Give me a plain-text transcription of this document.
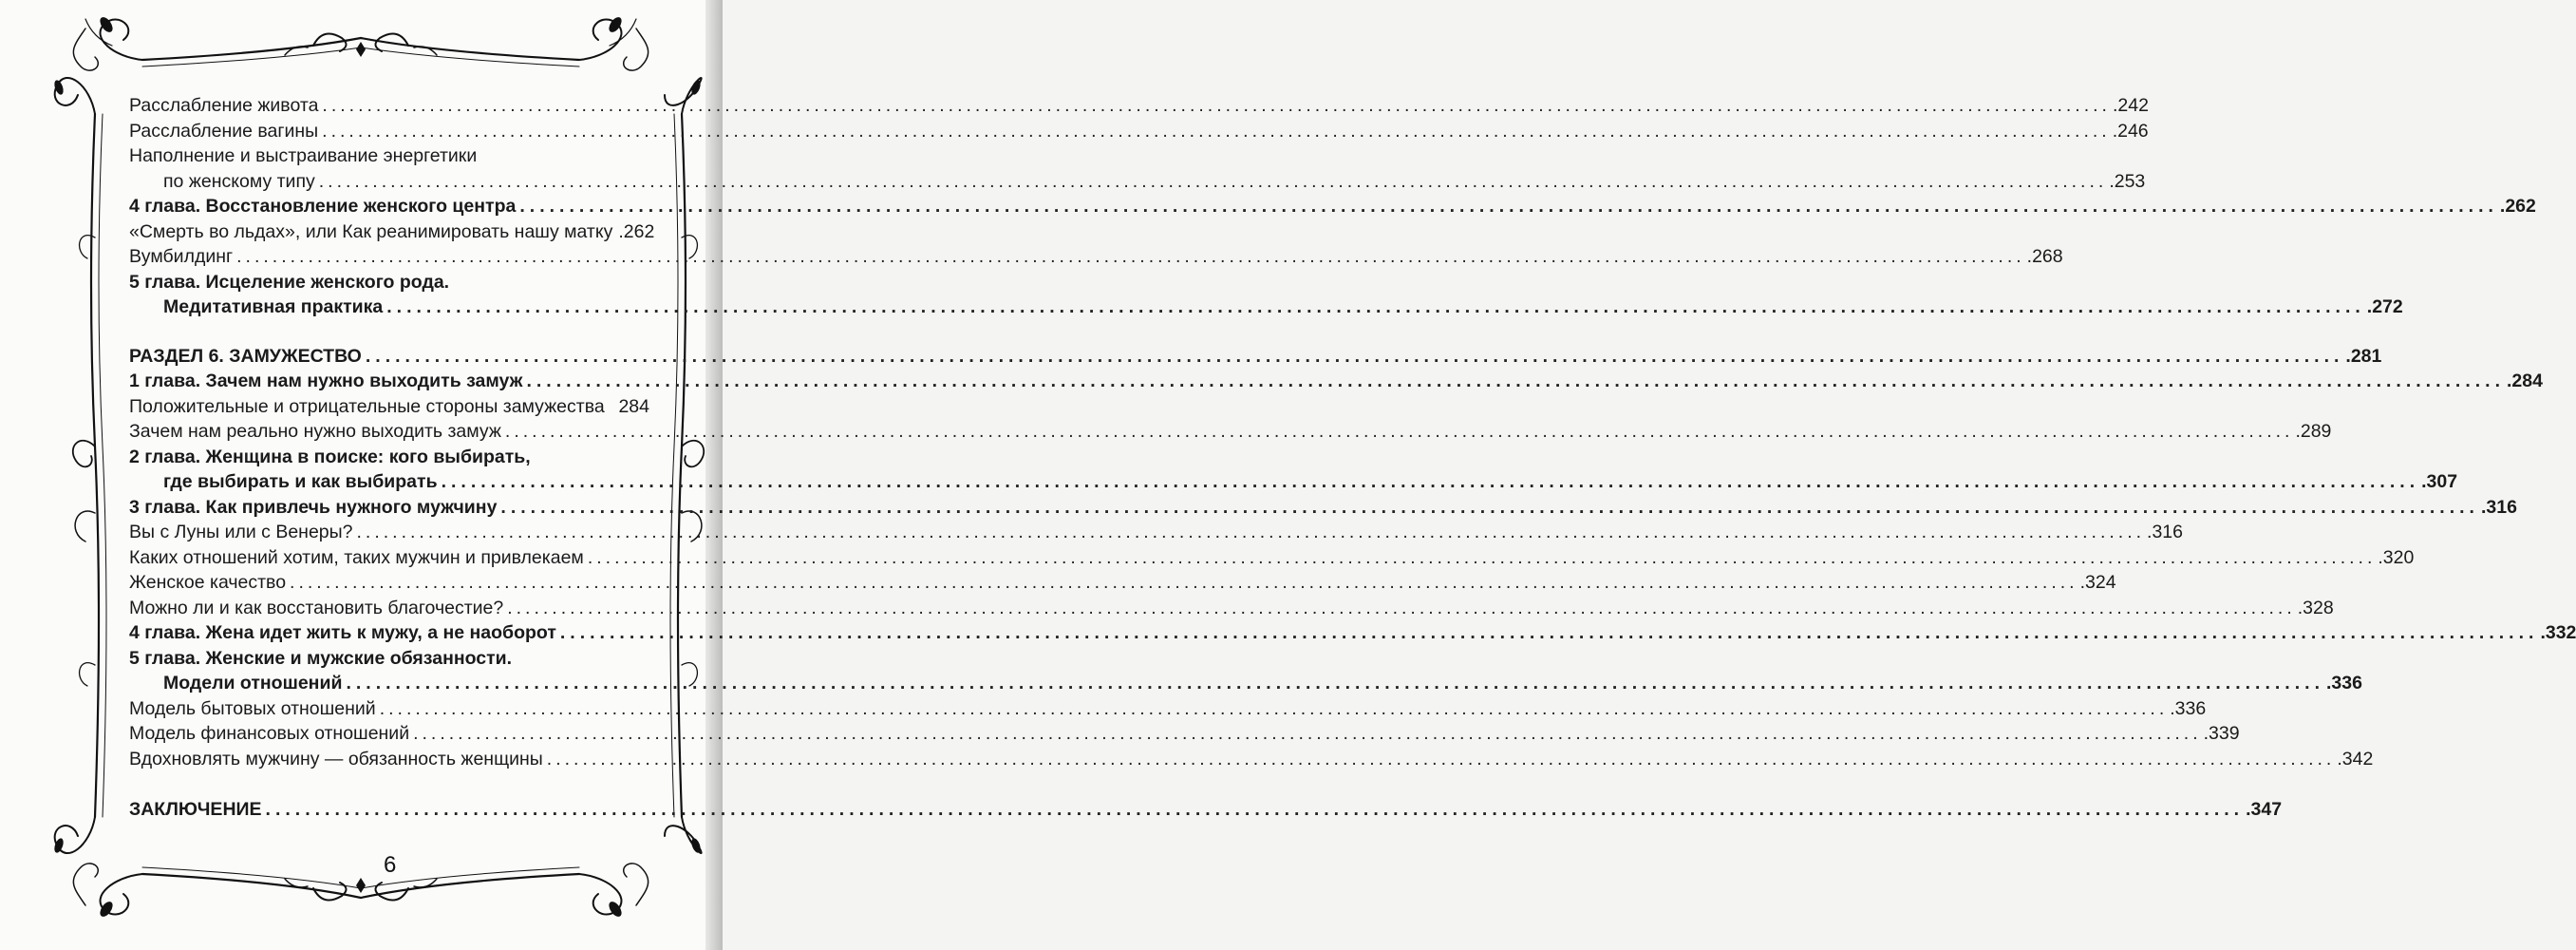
Расслабление живота ........................................................................................................................................................................................................ .242
Расслабление вагины ........................................................................................................................................................................................................ .246
Наполнение и выстраивание энергетики
по женскому типу ........................................................................................................................................................................................................ .253
4 глава. Восстановление женского центра ........................................................................................................................................................................................................ .262
«Смерть во льдах», или Как реанимировать нашу матку .262
Вумбилдинг ........................................................................................................................................................................................................ .268
5 глава. Исцеление женского рода.
Медитативная практика ........................................................................................................................................................................................................ .272
РАЗДЕЛ 6. ЗАМУЖЕСТВО ........................................................................................................................................................................................................ .281
1 глава. Зачем нам нужно выходить замуж ........................................................................................................................................................................................................ .284
Положительные и отрицательные стороны замужества 284
Зачем нам реально нужно выходить замуж ........................................................................................................................................................................................................ .289
2 глава. Женщина в поиске: кого выбирать,
где выбирать и как выбирать ........................................................................................................................................................................................................ .307
3 глава. Как привлечь нужного мужчину ........................................................................................................................................................................................................ .316
Вы с Луны или с Венеры? ........................................................................................................................................................................................................ .316
Каких отношений хотим, таких мужчин и привлекаем ........................................................................................................................................................................................................ .320
Женское качество ........................................................................................................................................................................................................ .324
Можно ли и как восстановить благочестие? ........................................................................................................................................................................................................ .328
4 глава. Жена идет жить к мужу, а не наоборот ........................................................................................................................................................................................................ .332
5 глава. Женские и мужские обязанности.
Модели отношений ........................................................................................................................................................................................................ .336
Модель бытовых отношений ........................................................................................................................................................................................................ .336
Модель финансовых отношений ........................................................................................................................................................................................................ .339
Вдохновлять мужчину — обязанность женщины ........................................................................................................................................................................................................ .342
ЗАКЛЮЧЕНИЕ ........................................................................................................................................................................................................ .347
6
